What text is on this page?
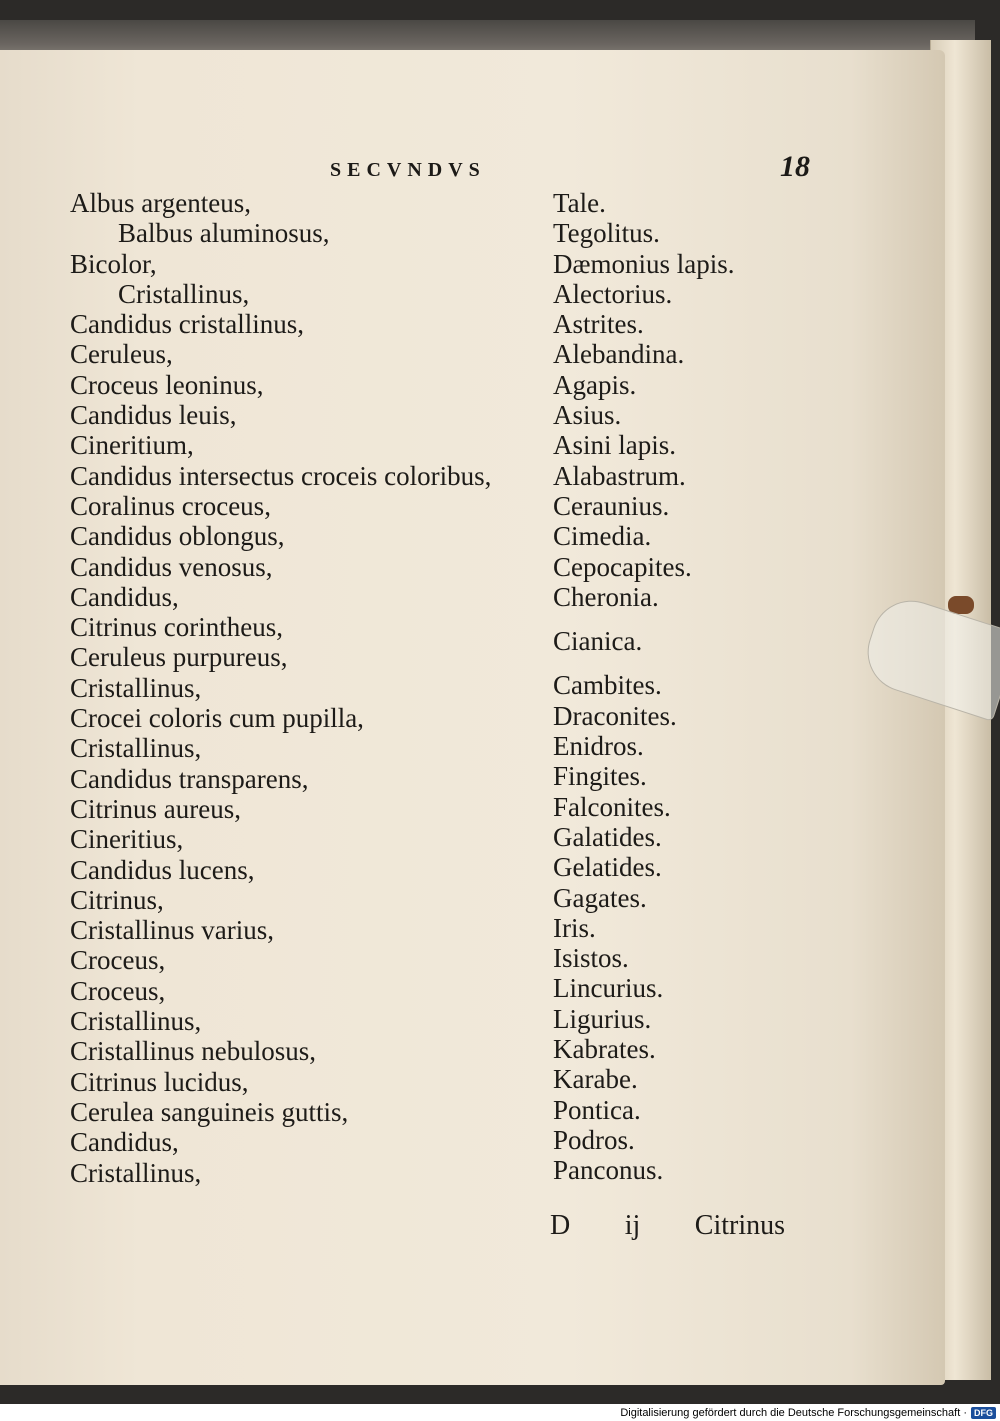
SECVNDVS	18
Albus argenteus,
Balbus aluminosus,
Bicolor,
Cristallinus,
Candidus cristallinus,
Ceruleus,
Croceus leoninus,
Candidus leuis,
Cineritium,
Candidus intersectus croceis coloribus,
Coralinus croceus,
Candidus oblongus,
Candidus venosus,
Candidus,
Citrinus corintheus,
Ceruleus purpureus,
Cristallinus,
Crocei coloris cum pupilla,
Cristallinus,
Candidus transparens,
Citrinus aureus,
Cineritius,
Candidus lucens,
Citrinus,
Cristallinus varius,
Croceus,
Croceus,
Cristallinus,
Cristallinus nebulosus,
Citrinus lucidus,
Cerulea sanguineis guttis,
Candidus,
Cristallinus,
Tale.
Tegolitus.
Dæmonius lapis.
Alectorius.
Astrites.
Alebandina.
Agapis.
Asius.
Asini lapis.
Alabastrum.
Ceraunius.
Cimedia.
Cepocapites.
Cheronia.
Cianica.
Cambites.
Draconites.
Enidros.
Fingites.
Falconites.
Galatides.
Gelatides.
Gagates.
Iris.
Isistos.
Lincurius.
Ligurius.
Kabrates.
Karabe.
Pontica.
Podros.
Panconus.
D ij Citrinus
Digitalisierung gefördert durch die Deutsche Forschungsgemeinschaft · DFG
